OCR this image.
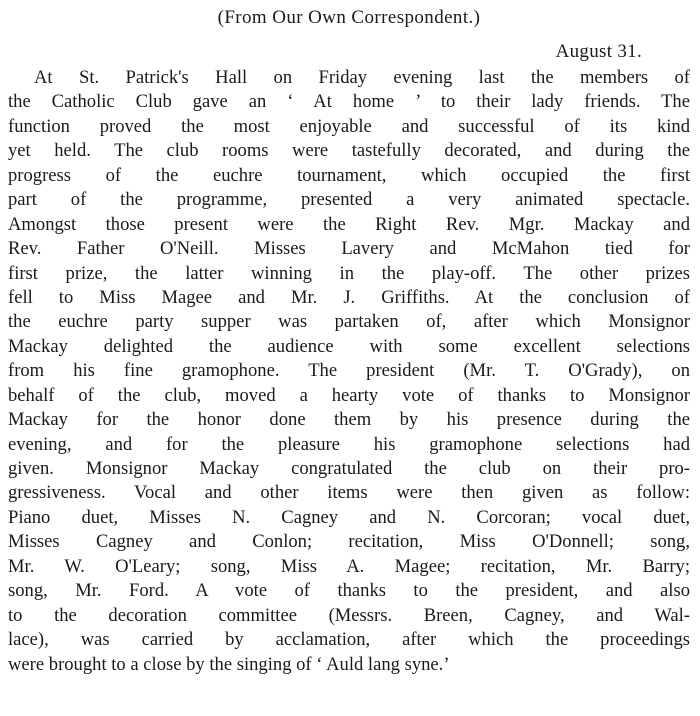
(From Our Own Correspondent.)
August 31.
At St. Patrick's Hall on Friday evening last the members of
the Catholic Club gave an ‘ At home ’ to their lady friends. The
function proved the most enjoyable and successful of its kind
yet held. The club rooms were tastefully decorated, and during the
progress of the euchre tournament, which occupied the first
part of the programme, presented a very animated spectacle.
Amongst those present were the Right Rev. Mgr. Mackay and
Rev. Father O'Neill. Misses Lavery and McMahon tied for
first prize, the latter winning in the play-off. The other prizes
fell to Miss Magee and Mr. J. Griffiths. At the conclusion of
the euchre party supper was partaken of, after which Monsignor
Mackay delighted the audience with some excellent selections
from his fine gramophone. The president (Mr. T. O'Grady), on
behalf of the club, moved a hearty vote of thanks to Monsignor
Mackay for the honor done them by his presence during the
evening, and for the pleasure his gramophone selections had
given. Monsignor Mackay congratulated the club on their pro-
gressiveness. Vocal and other items were then given as follow:
Piano duet, Misses N. Cagney and N. Corcoran; vocal duet,
Misses Cagney and Conlon; recitation, Miss O'Donnell; song,
Mr. W. O'Leary; song, Miss A. Magee; recitation, Mr. Barry;
song, Mr. Ford. A vote of thanks to the president, and also
to the decoration committee (Messrs. Breen, Cagney, and Wal-
lace), was carried by acclamation, after which the proceedings
were brought to a close by the singing of ‘ Auld lang syne.’
